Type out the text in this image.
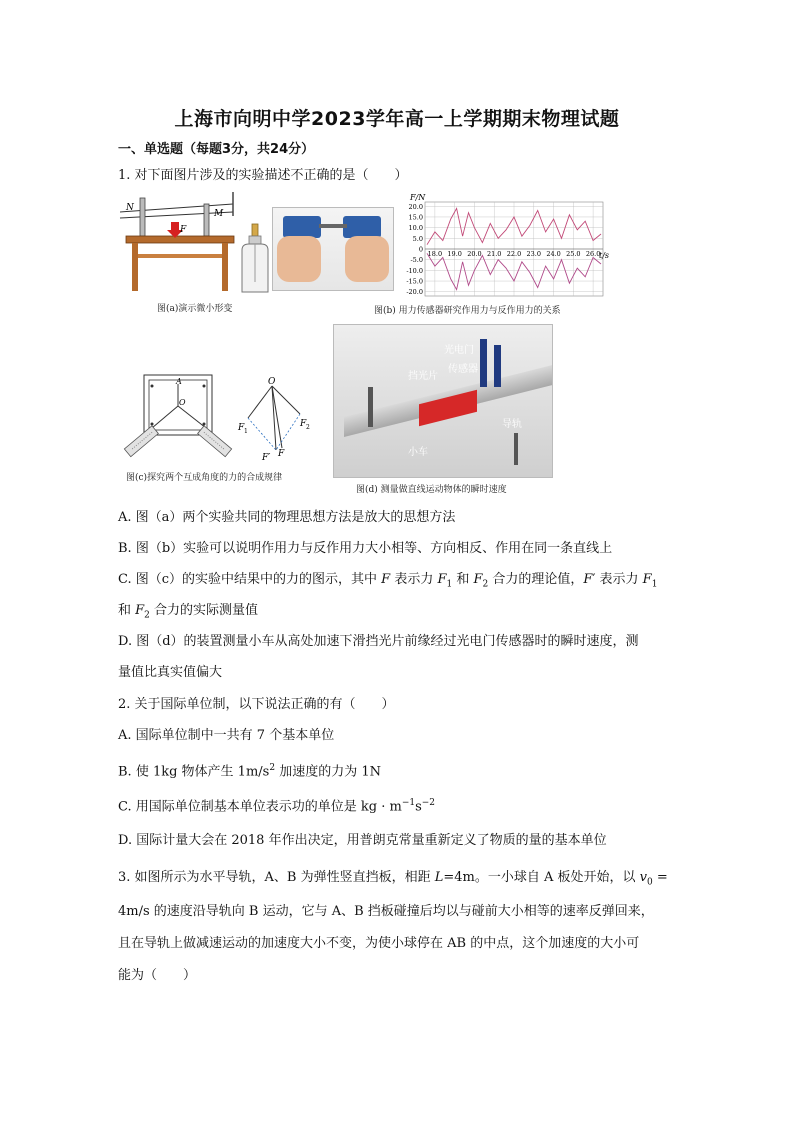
上海市向明中学2023学年高一上学期期末物理试题
一、单选题（每题3分，共24分）
1. 对下面图片涉及的实验描述不正确的是（　　）
N
M
F
20.0
15.0
10.0
5.0
0
-5.0
-10.0
-15.0
-20.0
18.0 19.0 20.0 21.0 22.0 23.0 24.0 25.0 26.0
F/N
t/s
图(a)演示微小形变	图(b) 用力传感器研究作用力与反作用力的关系
A
O
O
F 1
F 2
F′ F
图(c)探究两个互成角度的力的合成规律
光电门
传感器
挡光片
导轨
小车
图(d) 测量做直线运动物体的瞬时速度
A. 图（a）两个实验共同的物理思想方法是放大的思想方法
B. 图（b）实验可以说明作用力与反作用力大小相等、方向相反、作用在同一条直线上
C. 图（c）的实验中结果中的力的图示，其中 F 表示力 $F_1$ 和 $F_2$ 合力的理论值，F′ 表示力 $F_1$
和 $F_2$ 合力的实际测量值
D. 图（d）的装置测量小车从高处加速下滑挡光片前缘经过光电门传感器时的瞬时速度，测
量值比真实值偏大
2. 关于国际单位制，以下说法正确的有（　　）
A. 国际单位制中一共有 7 个基本单位
B. 使 1kg 物体产生 $1m/s^2$ 加速度的力为 1N
C. 用国际单位制基本单位表示功的单位是 kg · $m^{-1}s^{-2}$
D. 国际计量大会在 2018 年作出决定，用普朗克常量重新定义了物质的量的基本单位
3. 如图所示为水平导轨，A、B 为弹性竖直挡板，相距 L=4m。一小球自 A 板处开始，以 $v_0$ =
4m/s 的速度沿导轨向 B 运动，它与 A、B 挡板碰撞后均以与碰前大小相等的速率反弹回来，
且在导轨上做减速运动的加速度大小不变，为使小球停在 AB 的中点，这个加速度的大小可
能为（　　）
